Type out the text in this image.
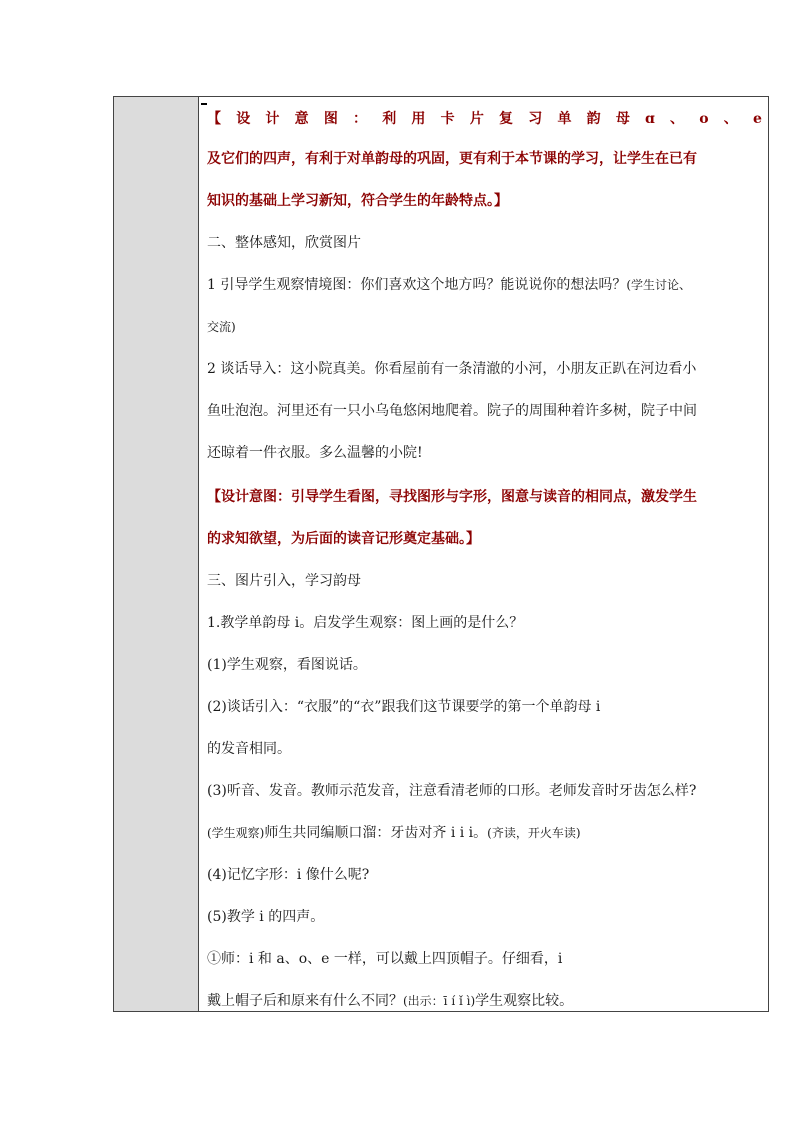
【 设 计 意 图 ： 利 用 卡 片 复 习 单 韵 母 ɑ 、 o 、 e
及它们的四声，有利于对单韵母的巩固，更有利于本节课的学习，让学生在已有
知识的基础上学习新知，符合学生的年龄特点。】
二、整体感知，欣赏图片
1 引导学生观察情境图：你们喜欢这个地方吗？能说说你的想法吗？(学生讨论、
交流)
2 谈话导入：这小院真美。你看屋前有一条清澈的小河，小朋友正趴在河边看小
鱼吐泡泡。河里还有一只小乌龟悠闲地爬着。院子的周围种着许多树，院子中间
还晾着一件衣服。多么温馨的小院!
【设计意图：引导学生看图，寻找图形与字形，图意与读音的相同点，激发学生
的求知欲望，为后面的读音记形奠定基础。】
三、图片引入，学习韵母
1.教学单韵母 i。启发学生观察：图上画的是什么？
(1)学生观察，看图说话。
(2)谈话引入：“衣服”的“衣”跟我们这节课要学的第一个单韵母 i
的发音相同。
(3)听音、发音。教师示范发音，注意看清老师的口形。老师发音时牙齿怎么样?
(学生观察)师生共同编顺口溜：牙齿对齐 i i i。(齐读，开火车读)
(4)记忆字形：i 像什么呢?
(5)教学 i 的四声。
①师：i 和 a、o、e 一样，可以戴上四顶帽子。仔细看，i
戴上帽子后和原来有什么不同？(出示：ī í ǐ ì)学生观察比较。
